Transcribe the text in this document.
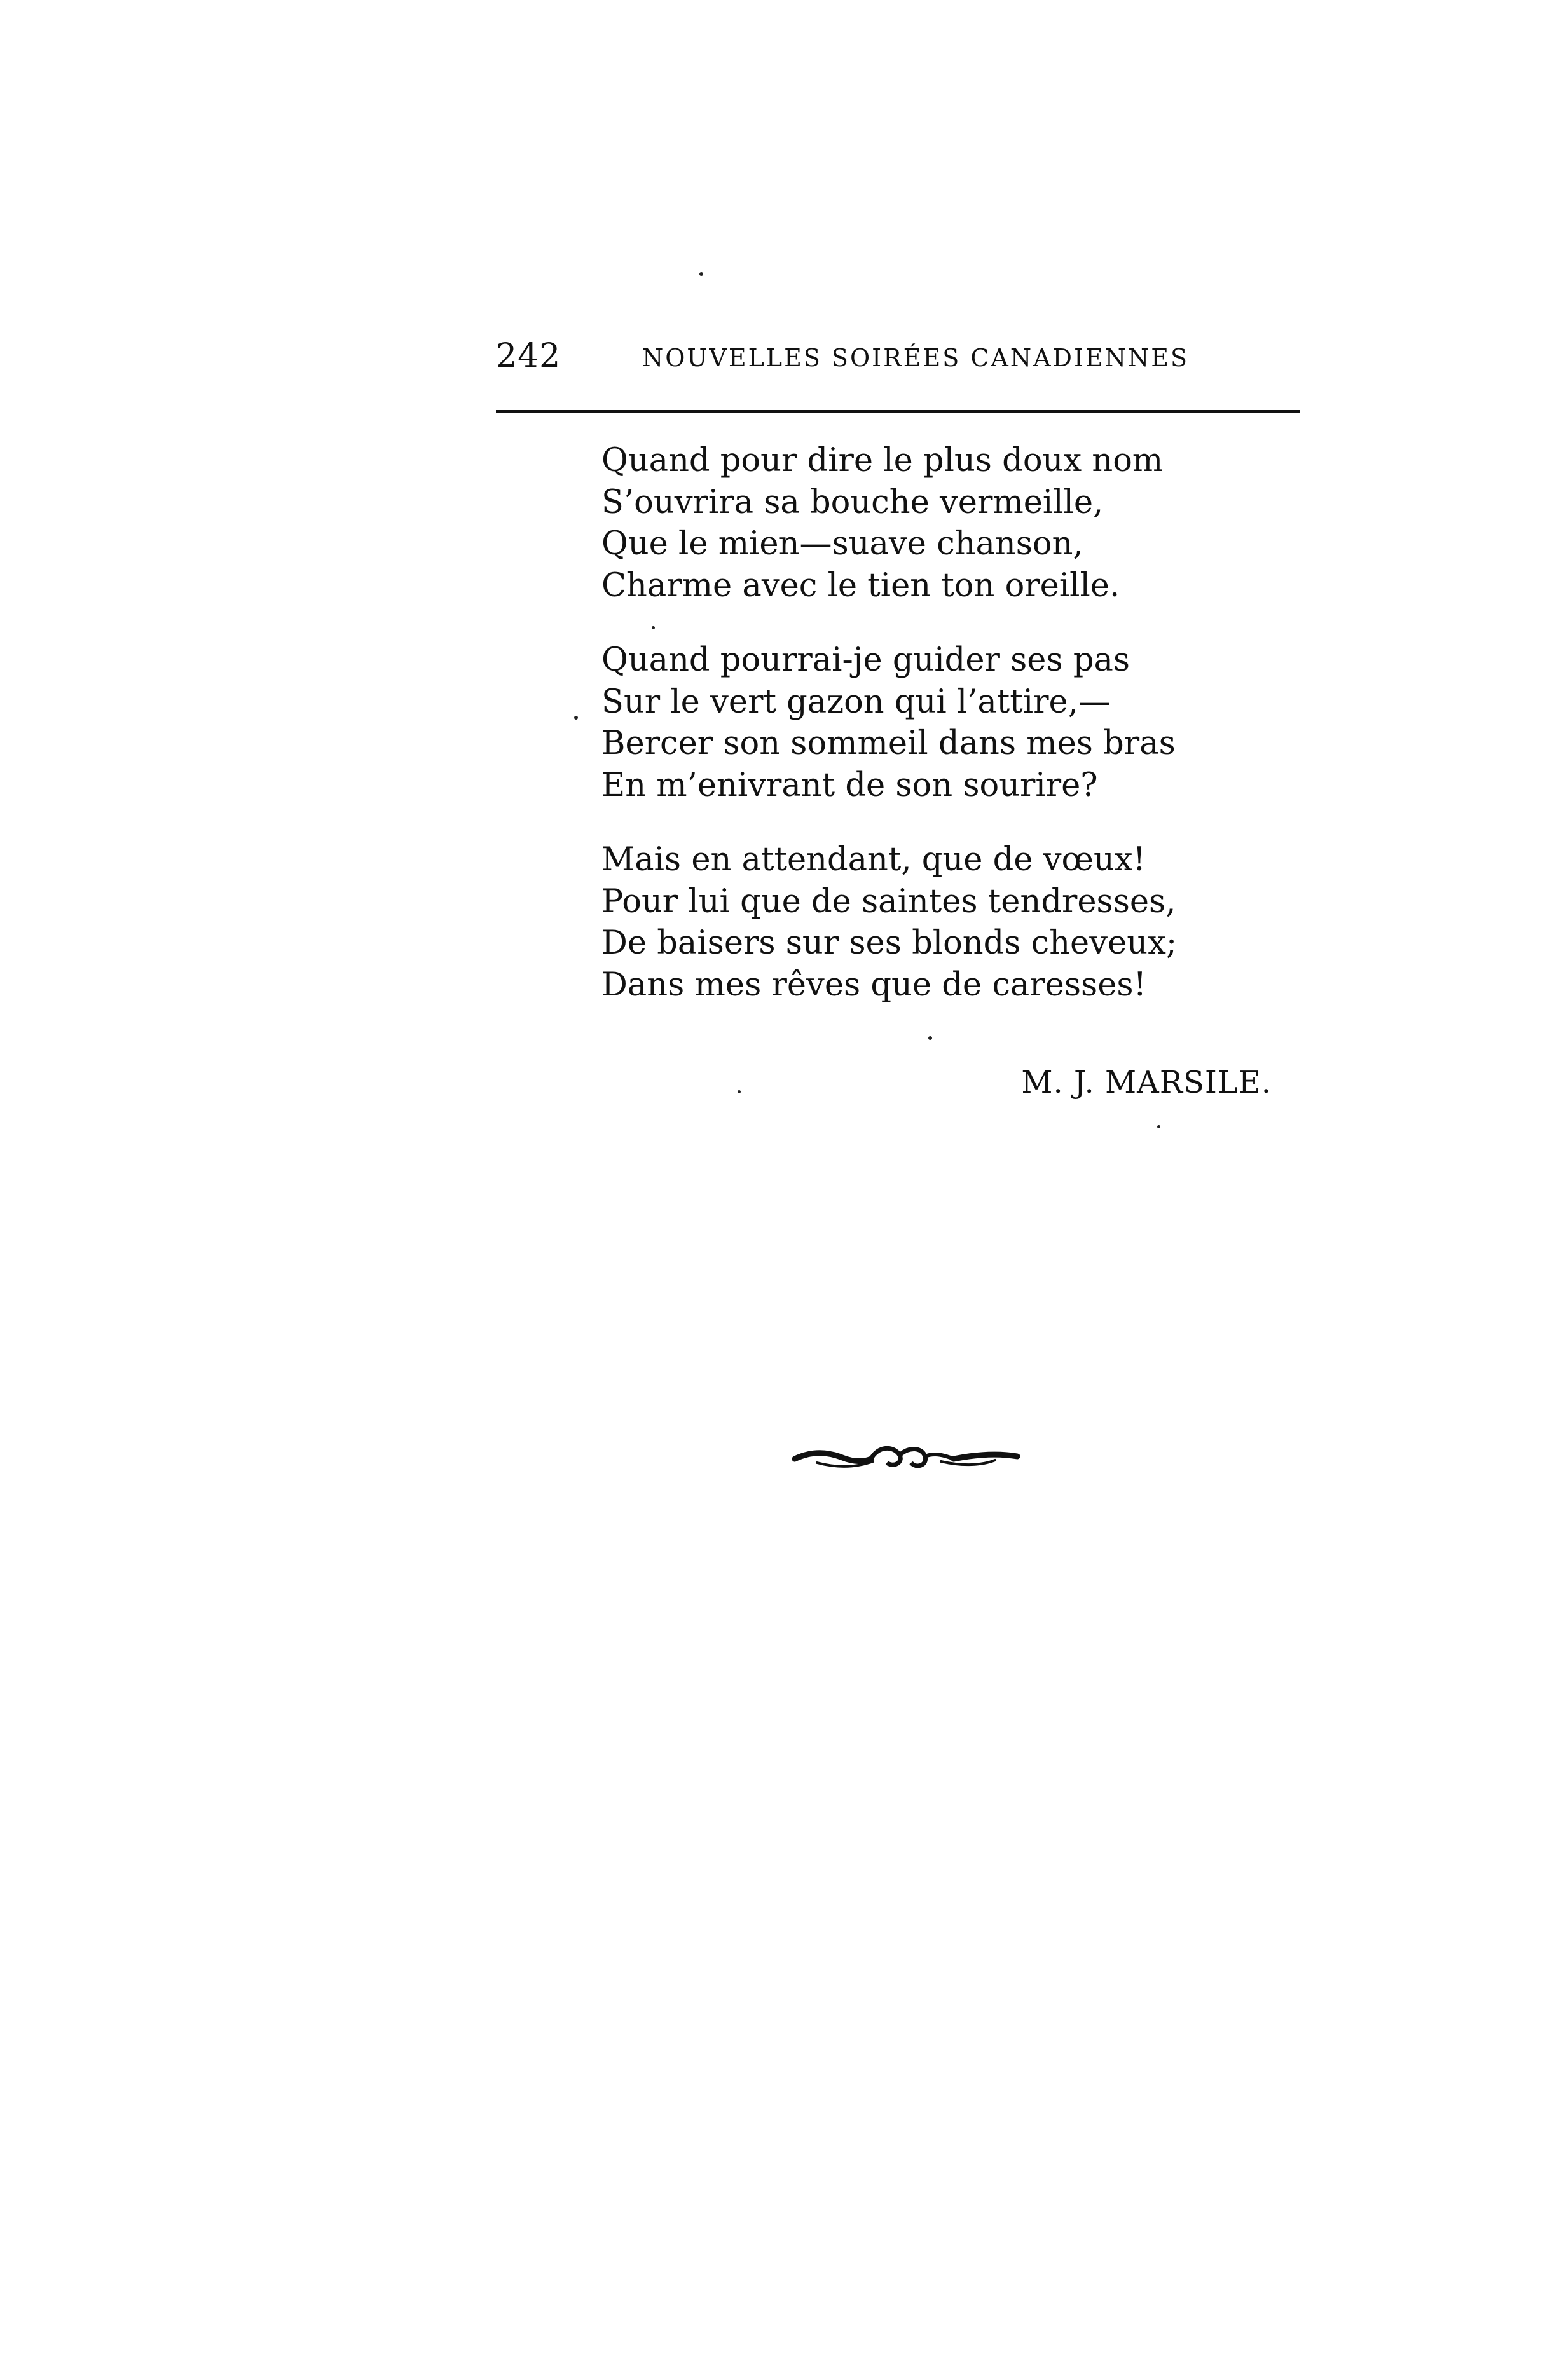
242	NOUVELLES SOIRÉES CANADIENNES
Quand pour dire le plus doux nom
S’ouvrira sa bouche vermeille,
Que le mien—suave chanson,
Charme avec le tien ton oreille.
Quand pourrai-je guider ses pas
Sur le vert gazon qui l’attire,—
Bercer son sommeil dans mes bras
En m’enivrant de son sourire?
Mais en attendant, que de vœux!
Pour lui que de saintes tendresses,
De baisers sur ses blonds cheveux;
Dans mes rêves que de caresses!
M. J. MARSILE.
